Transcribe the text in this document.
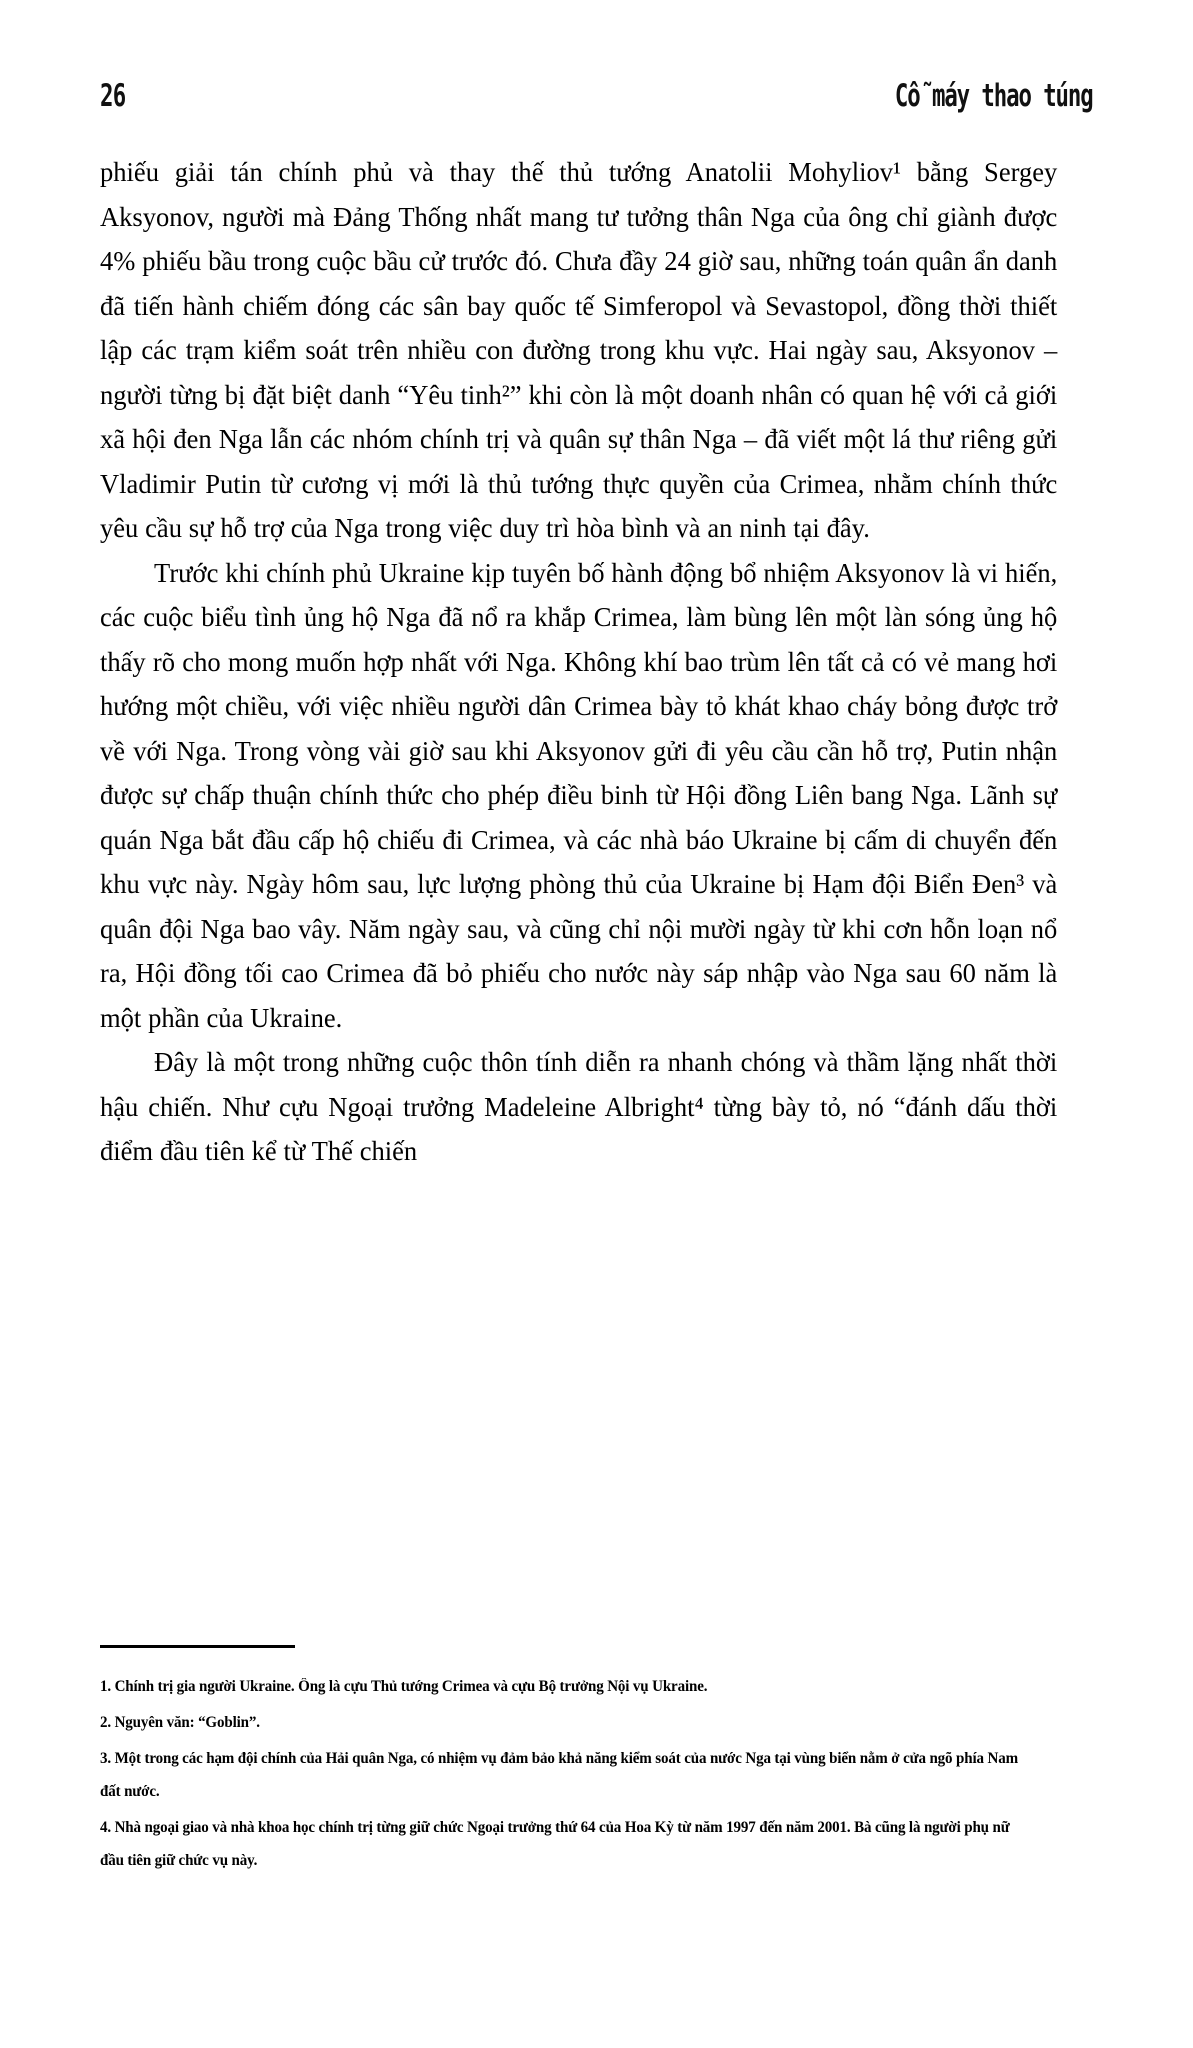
26	Cỗ máy thao túng

phiếu giải tán chính phủ và thay thế thủ tướng Anatolii Mohyliov¹ bằng Sergey Aksyonov, người mà Đảng Thống nhất mang tư tưởng thân Nga của ông chỉ giành được 4% phiếu bầu trong cuộc bầu cử trước đó. Chưa đầy 24 giờ sau, những toán quân ẩn danh đã tiến hành chiếm đóng các sân bay quốc tế Simferopol và Sevastopol, đồng thời thiết lập các trạm kiểm soát trên nhiều con đường trong khu vực. Hai ngày sau, Aksyonov – người từng bị đặt biệt danh “Yêu tinh²” khi còn là một doanh nhân có quan hệ với cả giới xã hội đen Nga lẫn các nhóm chính trị và quân sự thân Nga – đã viết một lá thư riêng gửi Vladimir Putin từ cương vị mới là thủ tướng thực quyền của Crimea, nhằm chính thức yêu cầu sự hỗ trợ của Nga trong việc duy trì hòa bình và an ninh tại đây.

Trước khi chính phủ Ukraine kịp tuyên bố hành động bổ nhiệm Aksyonov là vi hiến, các cuộc biểu tình ủng hộ Nga đã nổ ra khắp Crimea, làm bùng lên một làn sóng ủng hộ thấy rõ cho mong muốn hợp nhất với Nga. Không khí bao trùm lên tất cả có vẻ mang hơi hướng một chiều, với việc nhiều người dân Crimea bày tỏ khát khao cháy bỏng được trở về với Nga. Trong vòng vài giờ sau khi Aksyonov gửi đi yêu cầu cần hỗ trợ, Putin nhận được sự chấp thuận chính thức cho phép điều binh từ Hội đồng Liên bang Nga. Lãnh sự quán Nga bắt đầu cấp hộ chiếu đi Crimea, và các nhà báo Ukraine bị cấm di chuyển đến khu vực này. Ngày hôm sau, lực lượng phòng thủ của Ukraine bị Hạm đội Biển Đen³ và quân đội Nga bao vây. Năm ngày sau, và cũng chỉ nội mười ngày từ khi cơn hỗn loạn nổ ra, Hội đồng tối cao Crimea đã bỏ phiếu cho nước này sáp nhập vào Nga sau 60 năm là một phần của Ukraine.

Đây là một trong những cuộc thôn tính diễn ra nhanh chóng và thầm lặng nhất thời hậu chiến. Như cựu Ngoại trưởng Madeleine Albright⁴ từng bày tỏ, nó “đánh dấu thời điểm đầu tiên kể từ Thế chiến

1. Chính trị gia người Ukraine. Ông là cựu Thủ tướng Crimea và cựu Bộ trưởng Nội vụ Ukraine.

2. Nguyên văn: “Goblin”.

3. Một trong các hạm đội chính của Hải quân Nga, có nhiệm vụ đảm bảo khả năng kiểm soát của nước Nga tại vùng biển nằm ở cửa ngõ phía Nam đất nước.

4. Nhà ngoại giao và nhà khoa học chính trị từng giữ chức Ngoại trưởng thứ 64 của Hoa Kỳ từ năm 1997 đến năm 2001. Bà cũng là người phụ nữ đầu tiên giữ chức vụ này.
